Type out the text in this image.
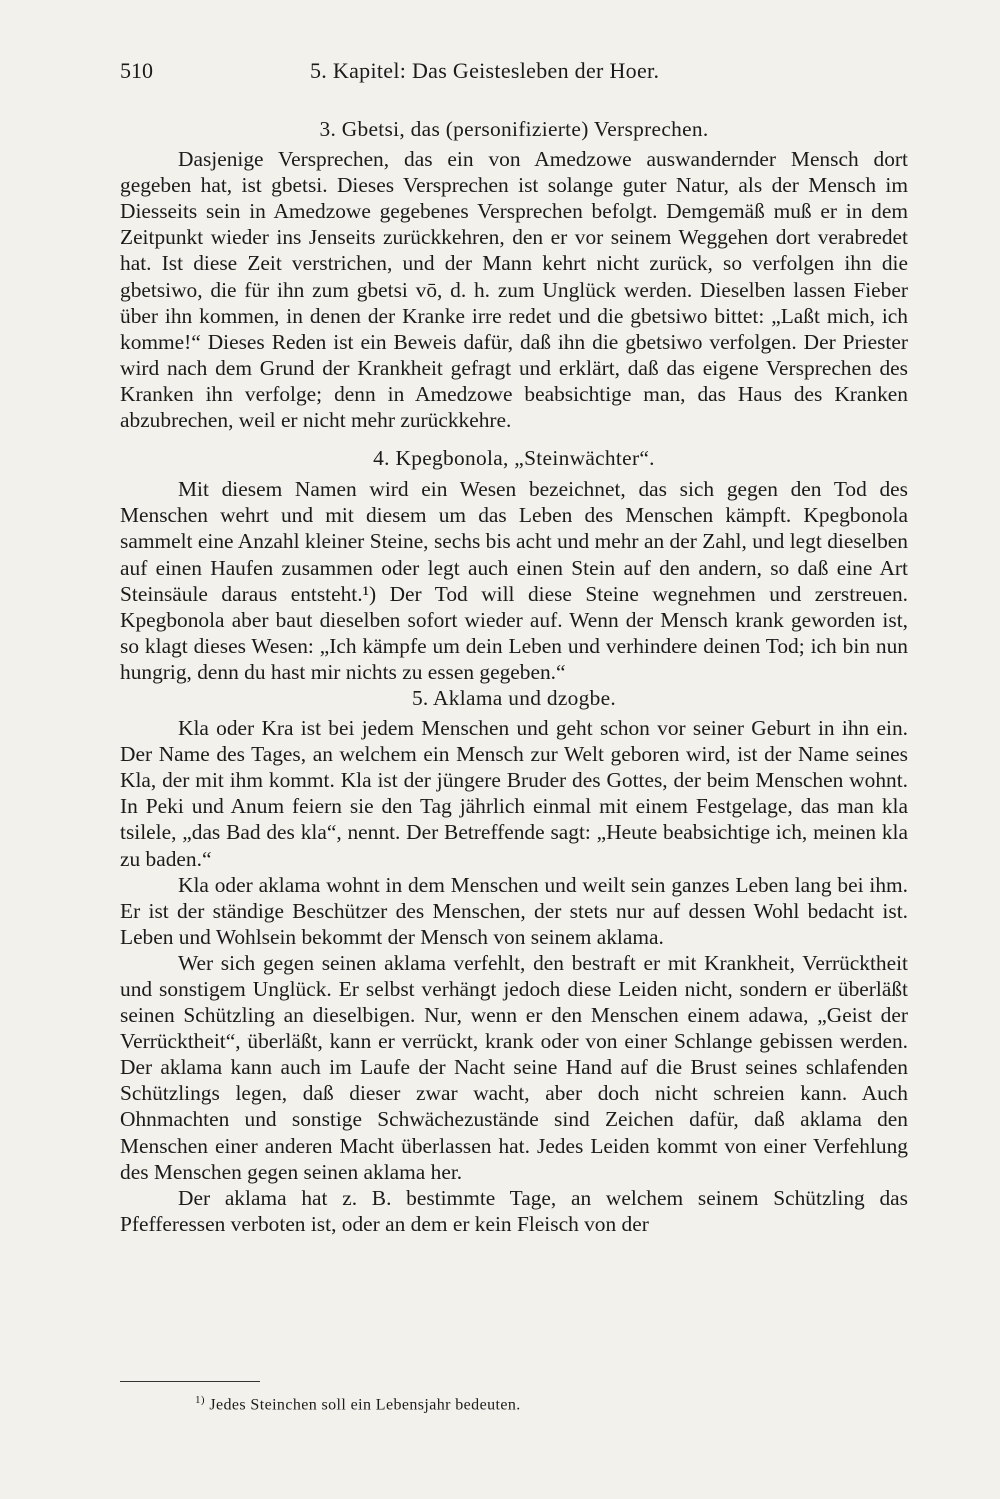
510	5. Kapitel: Das Geistesleben der Hoer.
3. Gbetsi, das (personifizierte) Versprechen.

Dasjenige Versprechen, das ein von Amedzowe auswandernder Mensch dort gegeben hat, ist gbetsi. Dieses Versprechen ist solange guter Natur, als der Mensch im Diesseits sein in Amedzowe gegebenes Versprechen befolgt. Demgemäß muß er in dem Zeitpunkt wieder ins Jenseits zurückkehren, den er vor seinem Weggehen dort verabredet hat. Ist diese Zeit verstrichen, und der Mann kehrt nicht zurück, so verfolgen ihn die gbetsiwo, die für ihn zum gbetsi vō, d. h. zum Unglück werden. Dieselben lassen Fieber über ihn kommen, in denen der Kranke irre redet und die gbetsiwo bittet: „Laßt mich, ich komme!“ Dieses Reden ist ein Beweis dafür, daß ihn die gbetsiwo verfolgen. Der Priester wird nach dem Grund der Krankheit gefragt und erklärt, daß das eigene Versprechen des Kranken ihn verfolge; denn in Amedzowe beabsichtige man, das Haus des Kranken abzubrechen, weil er nicht mehr zurückkehre.

4. Kpegbonola, „Steinwächter“.

Mit diesem Namen wird ein Wesen bezeichnet, das sich gegen den Tod des Menschen wehrt und mit diesem um das Leben des Menschen kämpft. Kpegbonola sammelt eine Anzahl kleiner Steine, sechs bis acht und mehr an der Zahl, und legt dieselben auf einen Haufen zusammen oder legt auch einen Stein auf den andern, so daß eine Art Steinsäule daraus entsteht.¹) Der Tod will diese Steine wegnehmen und zerstreuen. Kpegbonola aber baut dieselben sofort wieder auf. Wenn der Mensch krank geworden ist, so klagt dieses Wesen: „Ich kämpfe um dein Leben und verhindere deinen Tod; ich bin nun hungrig, denn du hast mir nichts zu essen gegeben.“

5. Aklama und dzogbe.

Kla oder Kra ist bei jedem Menschen und geht schon vor seiner Geburt in ihn ein. Der Name des Tages, an welchem ein Mensch zur Welt geboren wird, ist der Name seines Kla, der mit ihm kommt. Kla ist der jüngere Bruder des Gottes, der beim Menschen wohnt. In Peki und Anum feiern sie den Tag jährlich einmal mit einem Festgelage, das man kla tsilele, „das Bad des kla“, nennt. Der Betreffende sagt: „Heute beabsichtige ich, meinen kla zu baden.“

Kla oder aklama wohnt in dem Menschen und weilt sein ganzes Leben lang bei ihm. Er ist der ständige Beschützer des Menschen, der stets nur auf dessen Wohl bedacht ist. Leben und Wohlsein bekommt der Mensch von seinem aklama.

Wer sich gegen seinen aklama verfehlt, den bestraft er mit Krankheit, Verrücktheit und sonstigem Unglück. Er selbst verhängt jedoch diese Leiden nicht, sondern er überläßt seinen Schützling an dieselbigen. Nur, wenn er den Menschen einem adawa, „Geist der Verrücktheit“, überläßt, kann er verrückt, krank oder von einer Schlange gebissen werden. Der aklama kann auch im Laufe der Nacht seine Hand auf die Brust seines schlafenden Schützlings legen, daß dieser zwar wacht, aber doch nicht schreien kann. Auch Ohnmachten und sonstige Schwächezustände sind Zeichen dafür, daß aklama den Menschen einer anderen Macht überlassen hat. Jedes Leiden kommt von einer Verfehlung des Menschen gegen seinen aklama her.

Der aklama hat z. B. bestimmte Tage, an welchem seinem Schützling das Pfefferessen verboten ist, oder an dem er kein Fleisch von der

$^{1)}$ Jedes Steinchen soll ein Lebensjahr bedeuten.
